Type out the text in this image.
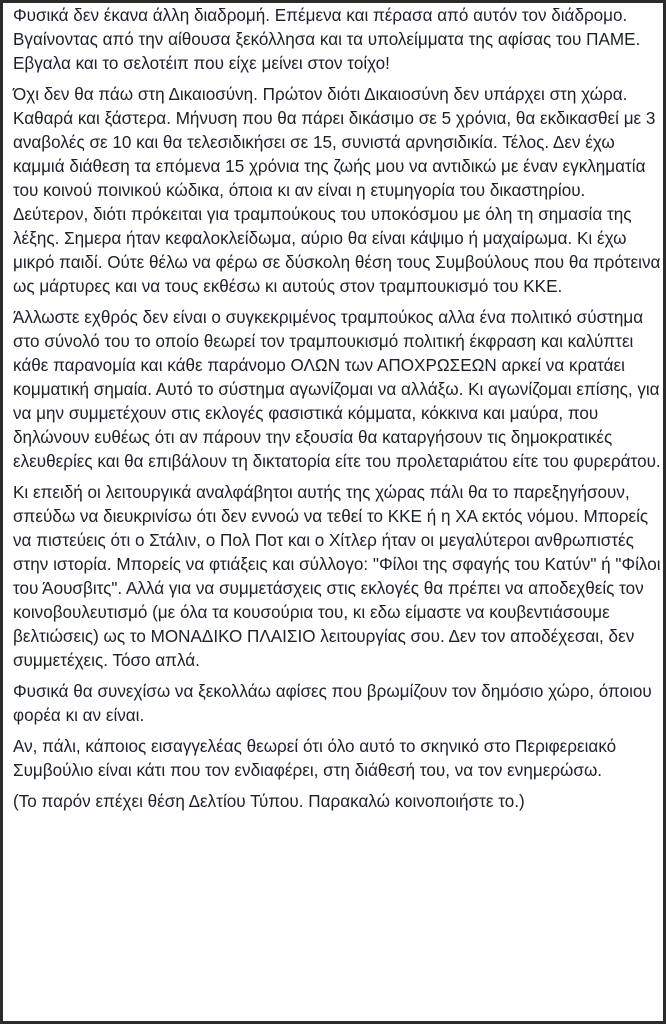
Φυσικά δεν έκανα άλλη διαδρομή. Επέμενα και πέρασα από αυτόν τον διάδρομο. Βγαίνοντας από την αίθουσα ξεκόλλησα και τα υπολείμματα της αφίσας του ΠΑΜΕ. Εβγαλα και το σελοτέιπ που είχε μείνει στον τοίχο!

Όχι δεν θα πάω στη Δικαιοσύνη. Πρώτον διότι Δικαιοσύνη δεν υπάρχει στη χώρα. Καθαρά και ξάστερα. Μήνυση που θα πάρει δικάσιμο σε 5 χρόνια, θα εκδικασθεί με 3 αναβολές σε 10 και θα τελεσιδικήσει σε 15, συνιστά αρνησιδικία. Τέλος. Δεν έχω καμμιά διάθεση τα επόμενα 15 χρόνια της ζωής μου να αντιδικώ με έναν εγκληματία του κοινού ποινικού κώδικα, όποια κι αν είναι η ετυμηγορία του δικαστηρίου. Δεύτερον, διότι πρόκειται για τραμπούκους του υποκόσμου με όλη τη σημασία της λέξης. Σημερα ήταν κεφαλοκλείδωμα, αύριο θα είναι κάψιμο ή μαχαίρωμα. Κι έχω μικρό παιδί. Ούτε θέλω να φέρω σε δύσκολη θέση τους Συμβούλους που θα πρότεινα ως μάρτυρες και να τους εκθέσω κι αυτούς στον τραμπουκισμό του ΚΚΕ.

Άλλωστε εχθρός δεν είναι ο συγκεκριμένος τραμπούκος αλλα ένα πολιτικό σύστημα στο σύνολό του το οποίο θεωρεί τον τραμπουκισμό πολιτική έκφραση και καλύπτει κάθε παρανομία και κάθε παράνομο ΟΛΩΝ των ΑΠΟΧΡΩΣΕΩΝ αρκεί να κρατάει κομματική σημαία. Αυτό το σύστημα αγωνίζομαι να αλλάξω. Κι αγωνίζομαι επίσης, για να μην συμμετέχουν στις εκλογές φασιστικά κόμματα, κόκκινα και μαύρα, που δηλώνουν ευθέως ότι αν πάρουν την εξουσία θα καταργήσουν τις δημοκρατικές ελευθερίες και θα επιβάλουν τη δικτατορία είτε του προλεταριάτου είτε του φυρεράτου.

Κι επειδή οι λειτουργικά αναλφάβητοι αυτής της χώρας πάλι θα το παρεξηγήσουν, σπεύδω να διευκρινίσω ότι δεν εννοώ να τεθεί το ΚΚΕ ή η ΧΑ εκτός νόμου. Μπορείς να πιστεύεις ότι ο Στάλιν, ο Πολ Ποτ και ο Χίτλερ ήταν οι μεγαλύτεροι ανθρωπιστές στην ιστορία. Μπορείς να φτιάξεις και σύλλογο: "Φίλοι της σφαγής του Κατύν" ή "Φίλοι του Άουσβιτς". Αλλά για να συμμετάσχεις στις εκλογές θα πρέπει να αποδεχθείς τον κοινοβουλευτισμό (με όλα τα κουσούρια του, κι εδω είμαστε να κουβεντιάσουμε βελτιώσεις) ως το ΜΟΝΑΔΙΚΟ ΠΛΑΙΣΙΟ λειτουργίας σου. Δεν τον αποδέχεσαι, δεν συμμετέχεις. Τόσο απλά.

Φυσικά θα συνεχίσω να ξεκολλάω αφίσες που βρωμίζουν τον δημόσιο χώρο, όποιου φορέα κι αν είναι.

Αν, πάλι, κάποιος εισαγγελέας θεωρεί ότι όλο αυτό το σκηνικό στο Περιφερειακό Συμβούλιο είναι κάτι που τον ενδιαφέρει, στη διάθεσή του, να τον ενημερώσω.

(Το παρόν επέχει θέση Δελτίου Τύπου. Παρακαλώ κοινοποιήστε το.)
